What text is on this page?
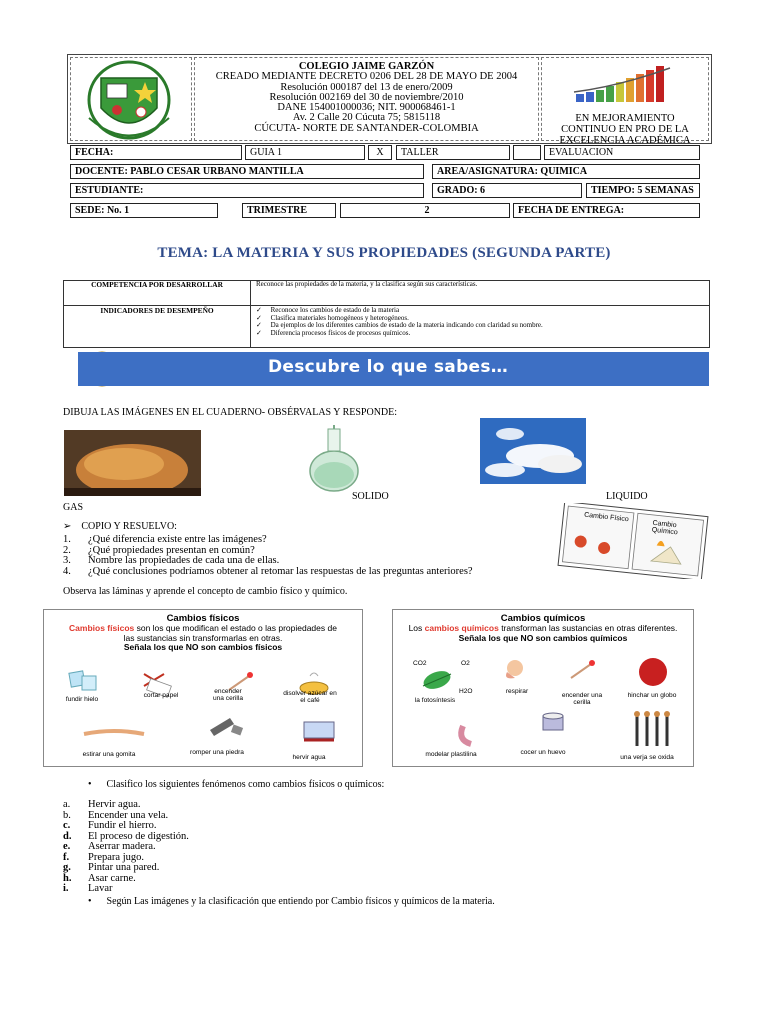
COLEGIO JAIME GARZÓN
CREADO MEDIANTE DECRETO 0206 DEL 28 DE MAYO DE 2004
Resolución 000187 del 13 de enero/2009
Resolución 002169 del 30 de noviembre/2010
DANE 154001000036; NIT. 900068461-1
Av. 2 Calle 20 Cúcuta 75; 5815118
CÚCUTA- NORTE DE SANTANDER-COLOMBIA
EN MEJORAMIENTO
CONTINUO EN PRO DE LA
EXCELENCIA ACADÉMICA
FECHA:	GUIA 1	X	TALLER	EVALUACION
DOCENTE: PABLO CESAR URBANO MANTILLA	AREA/ASIGNATURA: QUIMICA
ESTUDIANTE:	GRADO: 6	TIEMPO: 5 SEMANAS
SEDE: No. 1	TRIMESTRE	2	FECHA DE ENTREGA:
TEMA: LA MATERIA Y SUS PROPIEDADES (SEGUNDA PARTE)
COMPETENCIA POR DESARROLLAR	Reconoce las propiedades de la materia, y la clasifica según sus características.
INDICADORES DE DESEMPEÑO	✓     Reconoce los cambios de estado de la materia
✓     Clasifica materiales homogéneos y heterogéneos.
✓     Da ejemplos de los diferentes cambios de estado de la materia indicando con claridad su nombre.
✓     Diferencia procesos físicos de procesos químicos.
Descubre lo que sabes…
DIBUJA LAS IMÁGENES EN EL CUADERNO- OBSÉRVALAS Y RESPONDE:
SOLIDO	LIQUIDO
GAS
Cambio Físico
Cambio Químico
➢    COPIO Y RESUELVO:
1. ¿Qué diferencia existe entre las imágenes?
2. ¿Qué propiedades presentan en común?
3. Nombre las propiedades de cada una de ellas.
4. ¿Qué conclusiones podríamos obtener al retomar las respuestas de las preguntas anteriores?
Observa las láminas y aprende el concepto de cambio físico y químico.
Cambios físicos
Cambios físicos son los que modifican el estado o las propiedades de
las sustancias sin transformarlas en otras.
Señala los que NO son cambios físicos
fundir hielo
cortar papel
encender una cerilla
disolver azúcar en el café
estirar una gomita	romper una piedra
hervir agua
Cambios químicos
Los cambios químicos transforman las sustancias en otras diferentes.
Señala los que NO son cambios químicos
CO2	O2
H2O
la fotosíntesis
respirar
encender una cerilla
hinchar un globo
modelar plastilina	cocer un huevo
una verja se oxida
•      Clasifico los siguientes fenómenos como cambios físicos o químicos:
a. Hervir agua.
b. Encender una vela.
c. Fundir el hierro.
d. El proceso de digestión.
e. Aserrar madera.
f. Prepara jugo.
g. Pintar una pared.
h. Asar carne.
i. Lavar
•      Según Las imágenes y la clasificación que entiendo por Cambio físicos y químicos de la materia.
